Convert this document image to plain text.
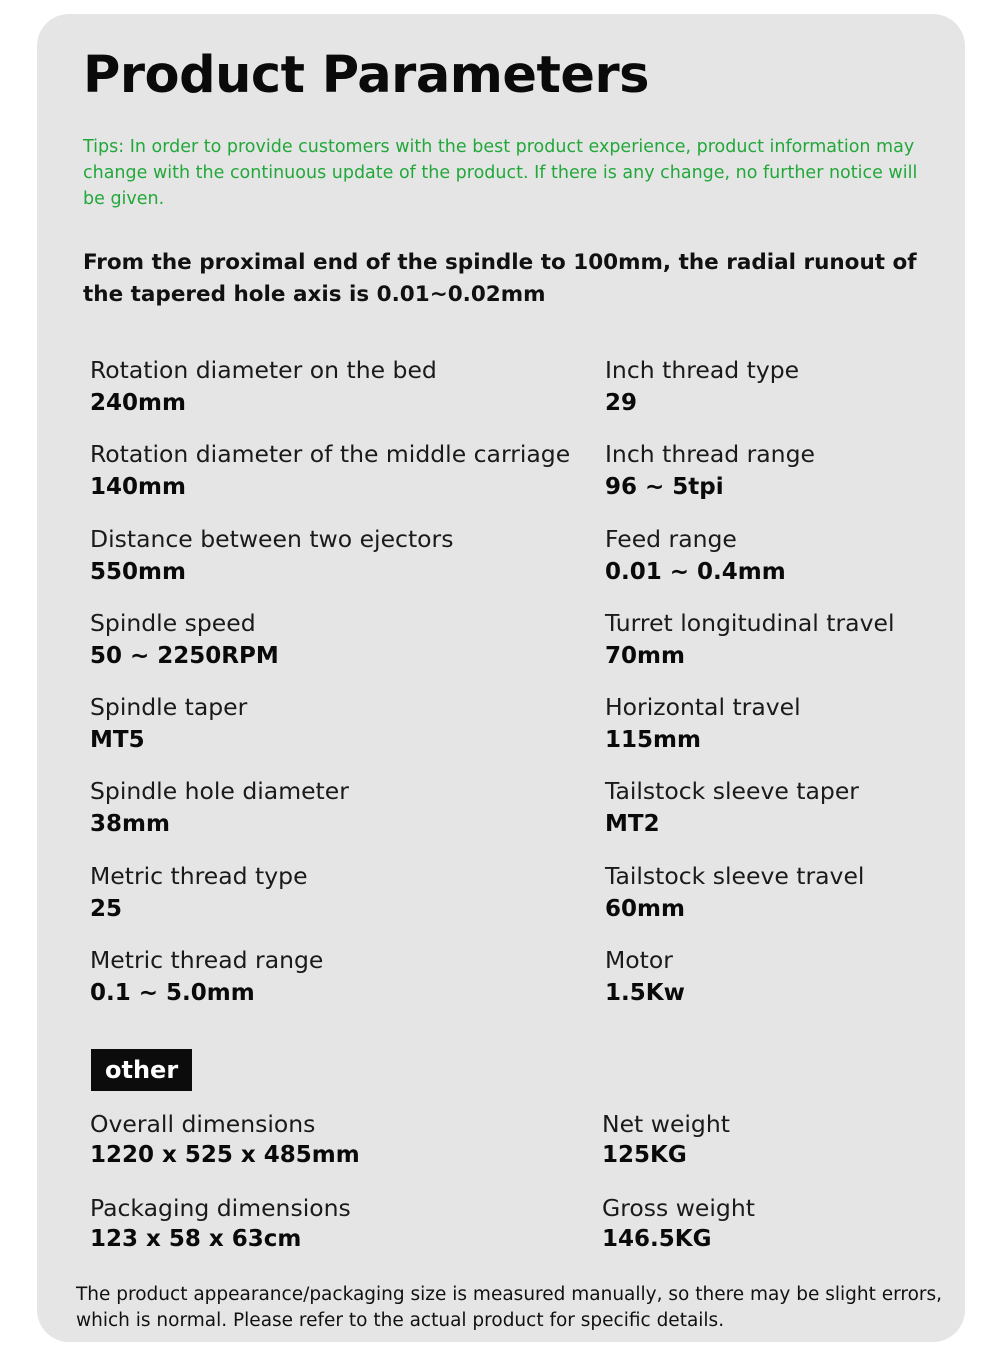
Product Parameters
Tips: In order to provide customers with the best product experience, product information may change with the continuous update of the product. If there is any change, no further notice will be given.
From the proximal end of the spindle to 100mm, the radial runout of the tapered hole axis is 0.01~0.02mm
Rotation diameter on the bed
240mm
Rotation diameter of the middle carriage
140mm
Distance between two ejectors
550mm
Spindle speed
50 ~ 2250RPM
Spindle taper
MT5
Spindle hole diameter
38mm
Metric thread type
25
Metric thread range
0.1 ~ 5.0mm
Inch thread type
29
Inch thread range
96 ~ 5tpi
Feed range
0.01 ~ 0.4mm
Turret longitudinal travel
70mm
Horizontal travel
115mm
Tailstock sleeve taper
MT2
Tailstock sleeve travel
60mm
Motor
1.5Kw
other
Overall dimensions
1220 x 525 x 485mm
Packaging dimensions
123 x 58 x 63cm
Net weight
125KG
Gross weight
146.5KG
The product appearance/packaging size is measured manually, so there may be slight errors, which is normal. Please refer to the actual product for specific details.
